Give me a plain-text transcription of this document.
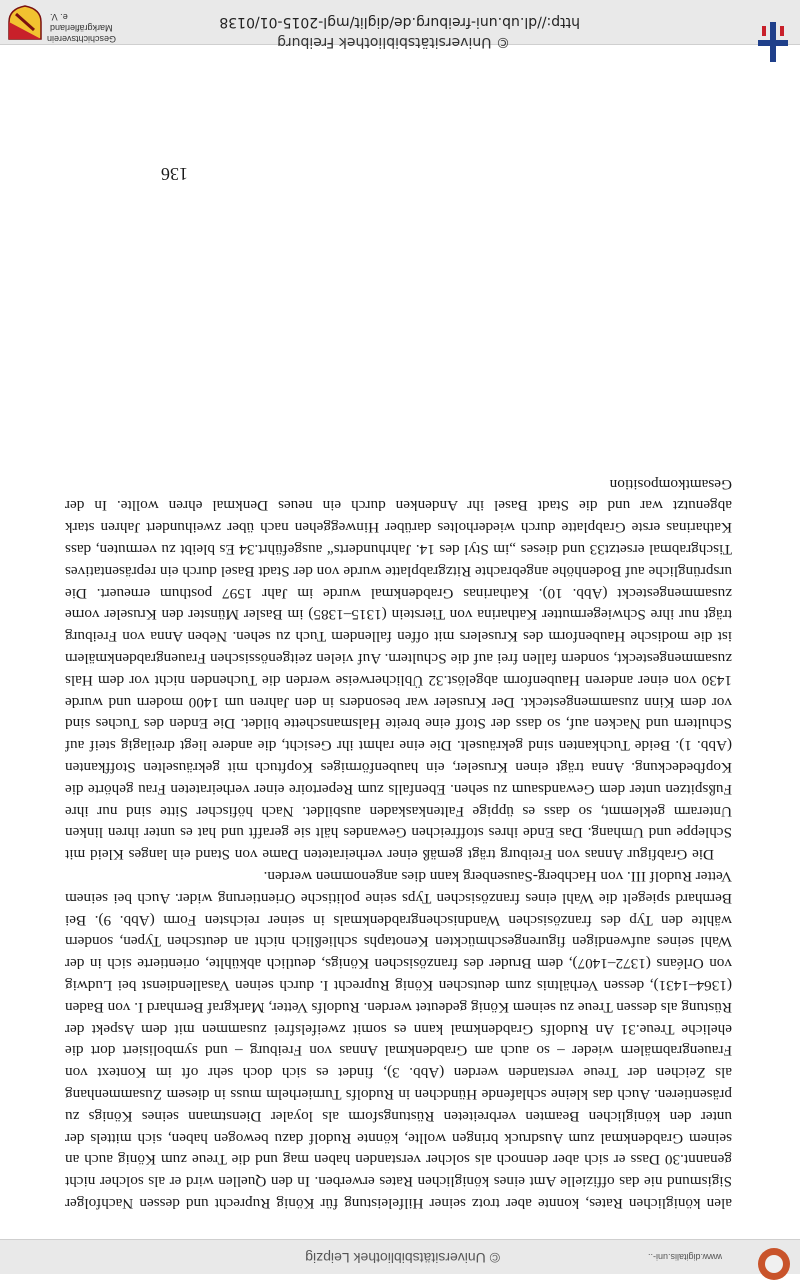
www.digitalis.uni-..
© Universitätsbibliothek Leipzig

alen königlichen Rates, konnte aber trotz seiner Hilfeleistung für König Ruprecht und dessen Nachfolger Sigismund nie das offizielle Amt eines königlichen Rates erwerben. In den Quellen wird er als solcher nicht genannt.30 Dass er sich aber dennoch als solcher verstanden haben mag und die Treue zum König auch an seinem Grabdenkmal zum Ausdruck bringen wollte, könnte Rudolf dazu bewogen haben, sich mittels der unter den königlichen Beamten verbreiteten Rüstungsform als loyaler Dienstmann seines Königs zu präsentieren. Auch das kleine schlafende Hündchen in Rudolfs Turnierhelm muss in diesem Zusammenhang als Zeichen der Treue verstanden werden (Abb. 3), findet es sich doch sehr oft im Kontext von Frauengrabmälern wieder – so auch am Grabdenkmal Annas von Freiburg – und symbolisiert dort die eheliche Treue.31 An Rudolfs Grabdenkmal kann es somit zweifelsfrei zusammen mit dem Aspekt der Rüstung als dessen Treue zu seinem König gedeutet werden. Rudolfs Vetter, Markgraf Bernhard I. von Baden (1364–1431), dessen Verhältnis zum deutschen König Ruprecht I. durch seinen Vasallendienst bei Ludwig von Orléans (1372–1407), dem Bruder des französischen Königs, deutlich abkühlte, orientierte sich in der Wahl seines aufwendigen figurengeschmückten Kenotaphs schließlich nicht an deutschen Typen, sondern wählte den Typ des französischen Wandnischengrabdenkmals in seiner reichsten Form (Abb. 9). Bei Bernhard spiegelt die Wahl eines französischen Typs seine politische Orientierung wider. Auch bei seinem Vetter Rudolf III. von Hachberg-Sausenberg kann dies angenommen werden.

Die Grabfigur Annas von Freiburg trägt gemäß einer verheirateten Dame von Stand ein langes Kleid mit Schleppe und Umhang. Das Ende ihres stoffreichen Gewandes hält sie gerafft und hat es unter ihren linken Unterarm geklemmt, so dass es üppige Faltenkaskaden ausbildet. Nach höfischer Sitte sind nur ihre Fußspitzen unter dem Gewandsaum zu sehen. Ebenfalls zum Repertoire einer verheirateten Frau gehörte die Kopfbedeckung. Anna trägt einen Kruseler, ein haubenförmiges Kopftuch mit gekräuselten Stoffkanten (Abb. 1). Beide Tuchkanten sind gekräuselt. Die eine rahmt ihr Gesicht, die andere liegt dreilagig steif auf Schultern und Nacken auf, so dass der Stoff eine breite Halsmanschette bildet. Die Enden des Tuches sind vor dem Kinn zusammengesteckt. Der Kruseler war besonders in den Jahren um 1400 modern und wurde 1430 von einer anderen Haubenform abgelöst.32 Üblicherweise werden die Tuchenden nicht vor dem Hals zusammengesteckt, sondern fallen frei auf die Schultern. Auf vielen zeitgenössischen Frauengrabdenkmälern ist die modische Haubenform des Kruselers mit offen fallendem Tuch zu sehen. Neben Anna von Freiburg trägt nur ihre Schwiegermutter Katharina von Tierstein (1315–1385) im Basler Münster den Kruseler vorne zusammengesteckt (Abb. 10). Katharinas Grabdenkmal wurde im Jahr 1597 posthum erneuert. Die ursprüngliche auf Bodenhöhe angebrachte Ritzgrabplatte wurde von der Stadt Basel durch ein repräsentatives Tischgrabmal ersetzt33 und dieses „im Styl des 14. Jahrhunderts“ ausgeführt.34 Es bleibt zu vermuten, dass Katharinas erste Grabplatte durch wiederholtes darüber Hinweggehen nach über zweihundert Jahren stark abgenutzt war und die Stadt Basel ihr Andenken durch ein neues Denkmal ehren wollte. In der Gesamtkomposition

136
© Universitätsbibliothek Freiburg
http://dl.ub.uni-freiburg.de/diglit/mgl-2015-01/0138
Geschichtsverein
Markgräflerland e. V.
